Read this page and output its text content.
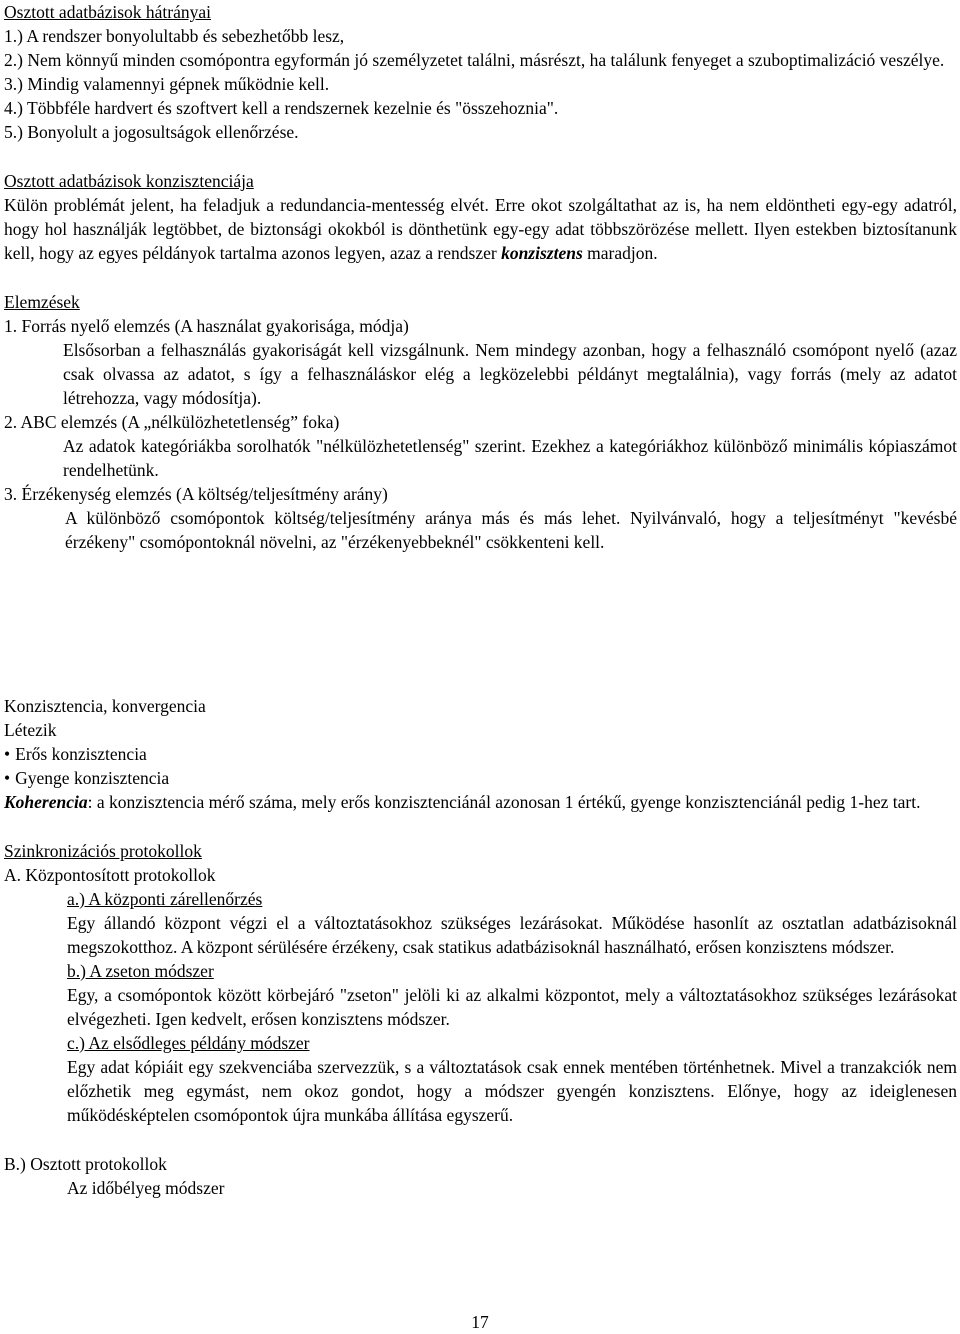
Osztott adatbázisok hátrányai
1.) A rendszer bonyolultabb és sebezhetőbb lesz,

2.) Nem könnyű minden csomópontra egyformán jó személyzetet találni, másrészt, ha találunk fenyeget a szuboptimalizáció veszélye.

3.) Mindig valamennyi gépnek működnie kell.
4.) Többféle hardvert és szoftvert kell a rendszernek kezelnie és "összehoznia".
5.) Bonyolult a jogosultságok ellenőrzése.
Osztott adatbázisok konzisztenciája

Külön problémát jelent, ha feladjuk a redundancia-mentesség elvét. Erre okot szolgáltathat az is, ha nem eldöntheti egy-egy adatról, hogy hol használják legtöbbet, de biztonsági okokból is dönthetünk egy-egy adat többszörözése mellett. Ilyen estekben biztosítanunk kell, hogy az egyes példányok tartalma azonos legyen, azaz a rendszer konzisztens maradjon.

Elemzések
1. Forrás nyelő elemzés (A használat gyakorisága, módja)

Elsősorban a felhasználás gyakoriságát kell vizsgálnunk. Nem mindegy azonban, hogy a felhasználó csomópont nyelő (azaz csak olvassa az adatot, s így a felhasználáskor elég a legközelebbi példányt megtalálnia), vagy forrás (mely az adatot létrehozza, vagy módosítja).

2. ABC elemzés (A „nélkülözhetetlenség” foka)

Az adatok kategóriákba sorolhatók "nélkülözhetetlenség" szerint. Ezekhez a kategóriákhoz különböző minimális kópiaszámot rendelhetünk.

3. Érzékenység elemzés (A költség/teljesítmény arány)

A különböző csomópontok költség/teljesítmény aránya más és más lehet. Nyilvánvaló, hogy a teljesítményt "kevésbé érzékeny" csomópontoknál növelni, az "érzékenyebbeknél" csökkenteni kell.

Konzisztencia, konvergencia
Létezik
• Erős konzisztencia
• Gyenge konzisztencia

Koherencia: a konzisztencia mérő száma, mely erős konzisztenciánál azonosan 1 értékű, gyenge konzisztenciánál pedig 1-hez tart.

Szinkronizációs protokollok
A. Központosított protokollok
a.) A központi zárellenőrzés

Egy állandó központ végzi el a változtatásokhoz szükséges lezárásokat. Működése hasonlít az osztatlan adatbázisoknál megszokotthoz. A központ sérülésére érzékeny, csak statikus adatbázisoknál használható, erősen konzisztens módszer.

b.) A zseton módszer

Egy, a csomópontok között körbejáró "zseton" jelöli ki az alkalmi központot, mely a változtatásokhoz szükséges lezárásokat elvégezheti. Igen kedvelt, erősen konzisztens módszer.

c.) Az elsődleges példány módszer

Egy adat kópiáit egy szekvenciába szervezzük, s a változtatások csak ennek mentében történhetnek. Mivel a tranzakciók nem előzhetik meg egymást, nem okoz gondot, hogy a módszer gyengén konzisztens. Előnye, hogy az ideiglenesen működésképtelen csomópontok újra munkába állítása egyszerű.

B.) Osztott protokollok
Az időbélyeg módszer
17
